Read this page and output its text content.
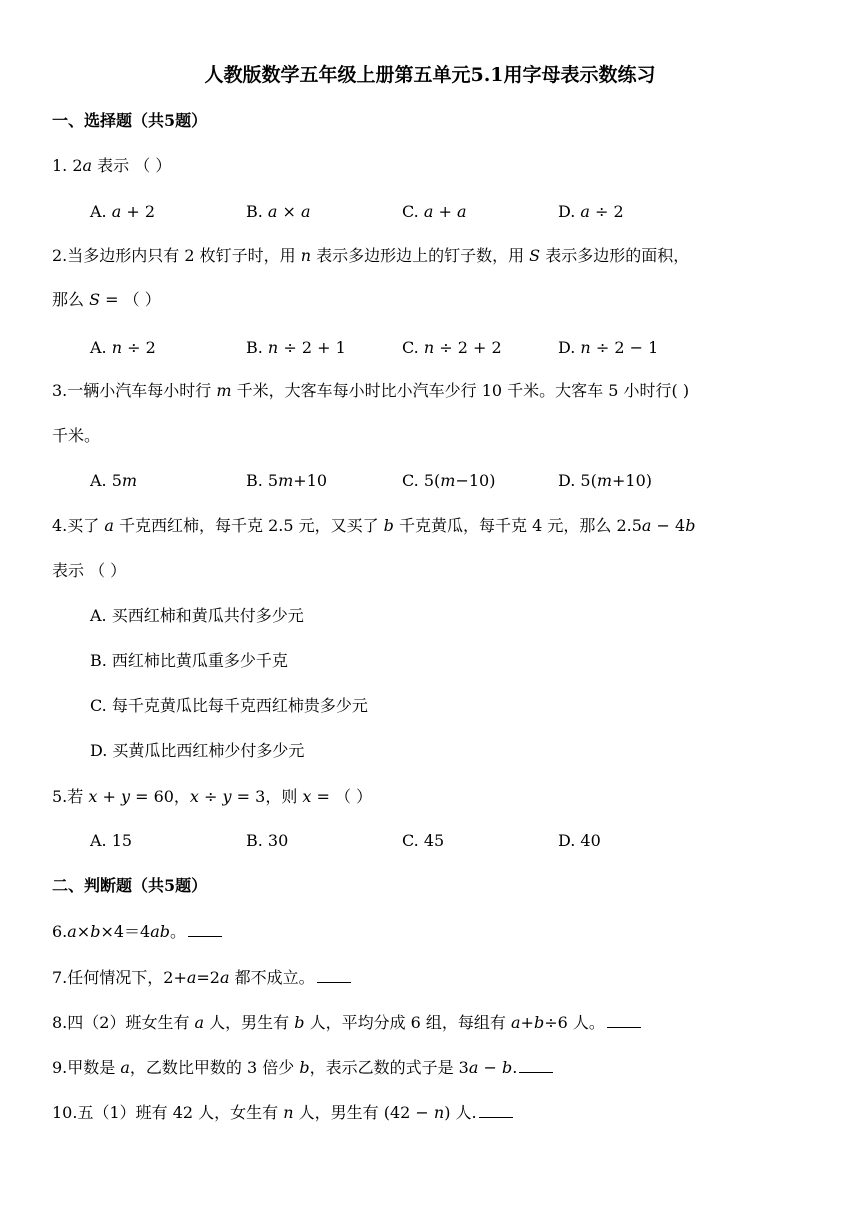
人教版数学五年级上册第五单元5.1用字母表示数练习
一、选择题（共5题）
1. 2𝑎 表示 （ ）
A. 𝑎 + 2	B. 𝑎 × 𝑎	C. 𝑎 + 𝑎	D. 𝑎 ÷ 2
2.当多边形内只有 2 枚钉子时，用 𝑛 表示多边形边上的钉子数，用 𝑆 表示多边形的面积，
那么 𝑆 = （ ）
A. 𝑛 ÷ 2	B. 𝑛 ÷ 2 + 1	C. 𝑛 ÷ 2 + 2	D. 𝑛 ÷ 2 − 1
3.一辆小汽车每小时行 𝑚 千米，大客车每小时比小汽车少行 10 千米。大客车 5 小时行( )
千米。
A. 5𝑚	B. 5𝑚+10	C. 5(𝑚−10)	D. 5(𝑚+10)
4.买了 𝑎 千克西红柿，每千克 2.5 元，又买了 𝑏 千克黄瓜，每千克 4 元，那么 2.5𝑎 − 4𝑏
表示 （ ）
A. 买西红柿和黄瓜共付多少元
B. 西红柿比黄瓜重多少千克
C. 每千克黄瓜比每千克西红柿贵多少元
D. 买黄瓜比西红柿少付多少元
5.若 𝑥 + 𝑦 = 60，𝑥 ÷ 𝑦 = 3，则 𝑥 = （ ）
A. 15	B. 30	C. 45	D. 40
二、判断题（共5题）
6.𝑎×𝑏×4＝4𝑎𝑏。
7.任何情况下，2+𝑎=2𝑎 都不成立。
8.四（2）班女生有 𝑎 人，男生有 𝑏 人，平均分成 6 组，每组有 𝑎+𝑏÷6 人。
9.甲数是 𝑎，乙数比甲数的 3 倍少 𝑏，表示乙数的式子是 3𝑎 − 𝑏.
10.五（1）班有 42 人，女生有 𝑛 人，男生有 (42 − 𝑛) 人.
